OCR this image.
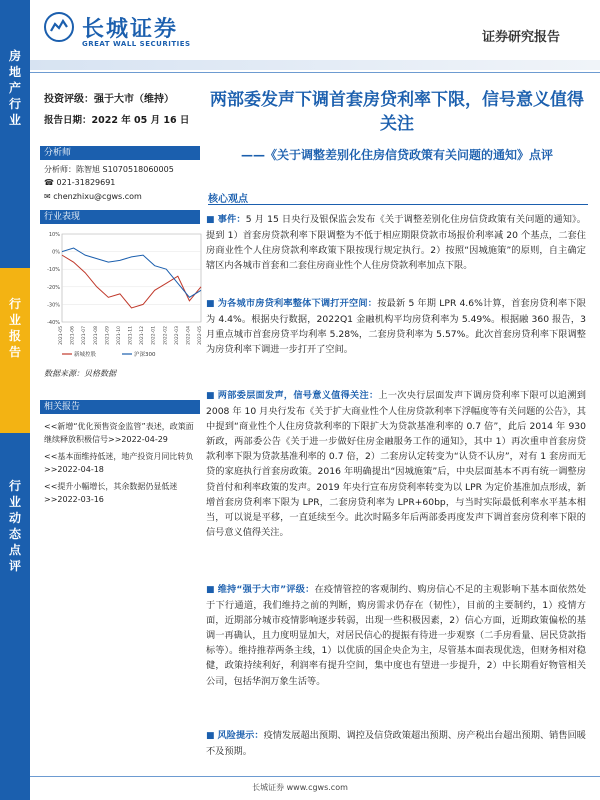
房地产行业
行业报告
行业动态点评
长城证券
GREAT WALL SECURITIES	证券研究报告
投资评级：强于大市（维持）
报告日期：2022 年 05 月 16 日
分析师
分析师：陈智旭 S1070518060005
☎ 021-31829691
✉ chenzhixu@cgws.com
行业表现
-40%
-30%
-20%
-10%
0%
10%
2021-05 2021-06 2021-07 2021-08 2021-09 2021-10 2021-11 2021-12 2022-01 2022-02 2022-03 2022-04 2022-05
新城控股	沪深300
数据来源：贝格数据
相关报告
<<新增“优化预售资金监管”表述，政策面继续释放积极信号>>2022-04-29
<<基本面维持低迷，地产投资月同比转负>>2022-04-18
<<提升小幅增长，其余数据仍显低迷>>2022-03-16
两部委发声下调首套房贷利率下限，信号意义值得关注
——《关于调整差别化住房信贷政策有关问题的通知》点评
核心观点
■ 事件：5 月 15 日央行及银保监会发布《关于调整差别化住房信贷政策有关问题的通知》。提到 1）首套房贷款利率下限调整为不低于相应期限贷款市场报价利率减 20 个基点，二套住房商业性个人住房贷款利率政策下限按现行规定执行。2）按照“因城施策”的原则，自主确定辖区内各城市首套和二套住房商业性个人住房贷款利率加点下限。
■ 为各城市房贷利率整体下调打开空间：按最新 5 年期 LPR 4.6%计算，首套房贷利率下限为 4.4%。根据央行数据，2022Q1 金融机构平均房贷利率为 5.49%。根据融 360 报告，3 月重点城市首套房贷平均利率 5.28%，二套房贷利率为 5.57%。此次首套房贷利率下限调整为房贷利率下调进一步打开了空间。
■ 两部委层面发声，信号意义值得关注：上一次央行层面发声下调房贷利率下限可以追溯到 2008 年 10 月央行发布《关于扩大商业性个人住房贷款利率下浮幅度等有关问题的公告》，其中提到“商业性个人住房贷款利率的下限扩大为贷款基准利率的 0.7 倍”，此后 2014 年 930 新政，两部委公告《关于进一步做好住房金融服务工作的通知》，其中 1）再次重申首套房贷款利率下限为贷款基准利率的 0.7 倍，2）二套房认定转变为“认贷不认房”，对有 1 套房而无贷的家庭执行首套房政策。2016 年明确提出“因城施策”后，中央层面基本不再有统一调整房贷首付和利率政策的发声。2019 年央行宣布房贷利率转变为以 LPR 为定价基准加点形成，新增首套房贷利率下限为 LPR，二套房贷利率为 LPR+60bp，与当时实际最低利率水平基本相当，可以说是平移，一直延续至今。此次时隔多年后两部委再度发声下调首套房贷利率下限的信号意义值得关注。
■ 维持“强于大市”评级：在疫情管控的客观制约、购房信心不足的主观影响下基本面依然处于下行通道，我们维持之前的判断，购房需求仍存在（韧性），目前的主要制约，1）疫情方面，近期部分城市疫情影响逐步转弱，出现一些积极因素，2）信心方面，近期政策偏松的基调一再确认，且力度明显加大，对居民信心的提振有待进一步观察（二手房看量、居民贷款指标等）。维持推荐两条主线，1）以优质的国企央企为主，尽管基本面表现优迭，但财务相对稳健，政策持续利好，利润率有提升空间，集中度也有望进一步提升，2）中长期看好物管相关公司，包括华润万象生活等。
■ 风险提示：疫情发展超出预期、调控及信贷政策超出预期、房产税出台超出预期、销售回暖不及预期。
长城证券 www.cgws.com
